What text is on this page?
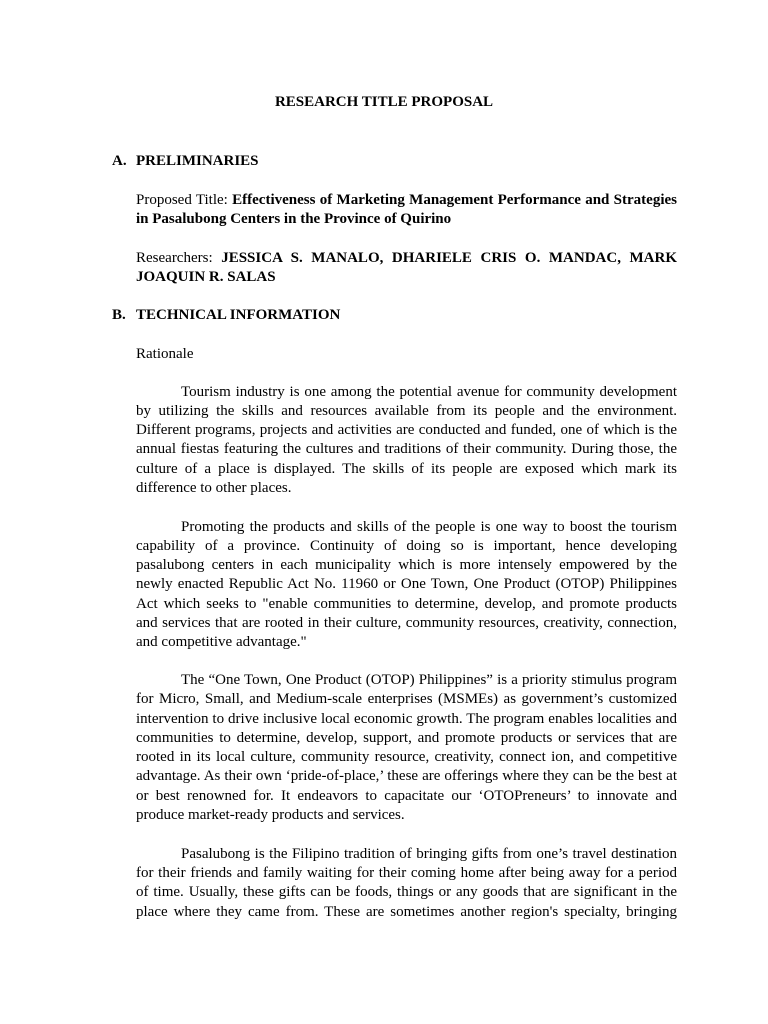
RESEARCH TITLE PROPOSAL
A. PRELIMINARIES
Proposed Title: Effectiveness of Marketing Management Performance and Strategies
in Pasalubong Centers in the Province of Quirino
Researchers: JESSICA S. MANALO, DHARIELE CRIS O. MANDAC, MARK
JOAQUIN R. SALAS
B. TECHNICAL INFORMATION
Rationale
Tourism industry is one among the potential avenue for community development
by utilizing the skills and resources available from its people and the environment.
Different programs, projects and activities are conducted and funded, one of which is the
annual fiestas featuring the cultures and traditions of their community. During those, the
culture of a place is displayed. The skills of its people are exposed which mark its
difference to other places.
Promoting the products and skills of the people is one way to boost the tourism
capability of a province. Continuity of doing so is important, hence developing
pasalubong centers in each municipality which is more intensely empowered by the
newly enacted Republic Act No. 11960 or One Town, One Product (OTOP) Philippines
Act which seeks to "enable communities to determine, develop, and promote products
and services that are rooted in their culture, community resources, creativity, connection,
and competitive advantage."
The “One Town, One Product (OTOP) Philippines” is a priority stimulus program
for Micro, Small, and Medium-scale enterprises (MSMEs) as government’s customized
intervention to drive inclusive local economic growth. The program enables localities and
communities to determine, develop, support, and promote products or services that are
rooted in its local culture, community resource, creativity, connect ion, and competitive
advantage. As their own ‘pride-of-place,’ these are offerings where they can be the best at
or best renowned for. It endeavors to capacitate our ‘OTOPreneurs’ to innovate and
produce market-ready products and services.
Pasalubong is the Filipino tradition of bringing gifts from one’s travel destination
for their friends and family waiting for their coming home after being away for a period
of time. Usually, these gifts can be foods, things or any goods that are significant in the
place where they came from. These are sometimes another region's specialty, bringing
